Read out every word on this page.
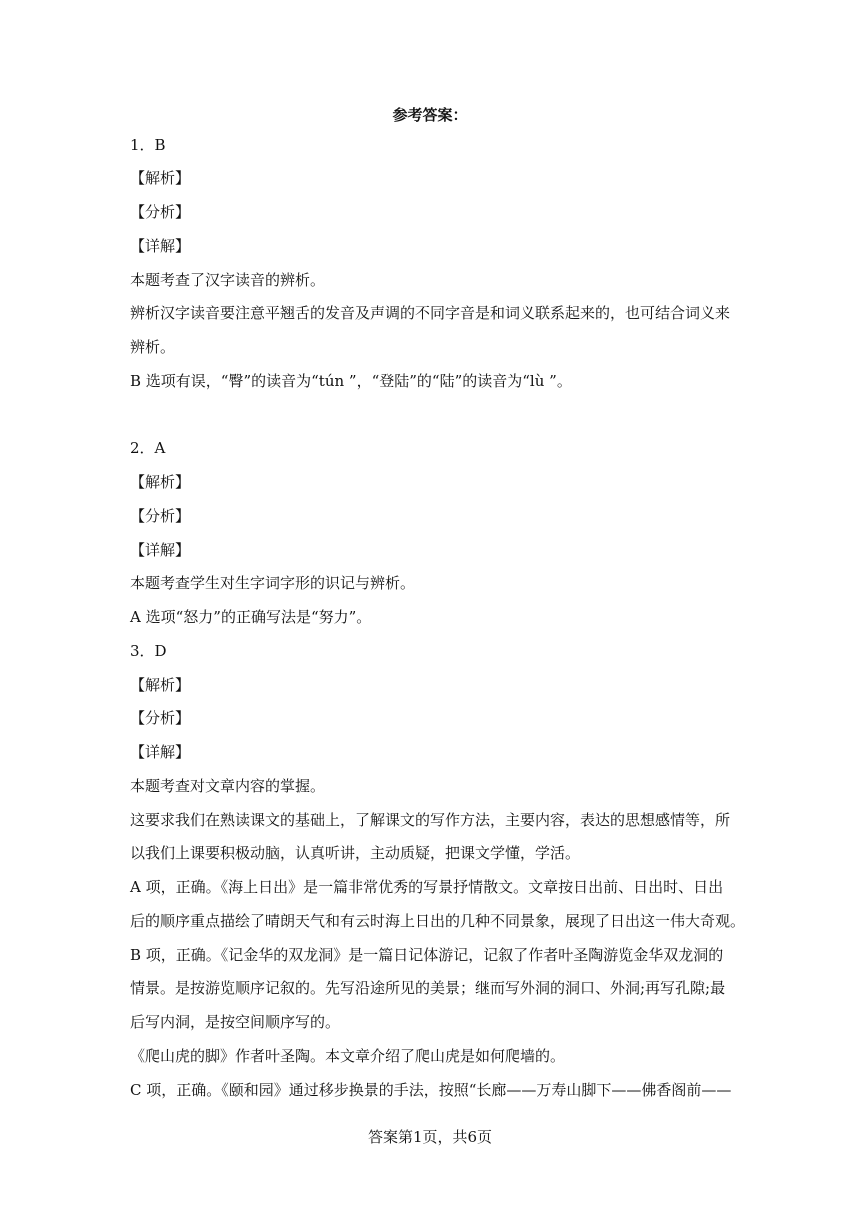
参考答案：
1．B
【解析】
【分析】
【详解】
本题考查了汉字读音的辨析。
辨析汉字读音要注意平翘舌的发音及声调的不同字音是和词义联系起来的，也可结合词义来
辨析。
B 选项有误，“臀”的读音为“tún ”，“登陆”的“陆”的读音为“lù ”。
2．A
【解析】
【分析】
【详解】
本题考查学生对生字词字形的识记与辨析。
A 选项“怒力”的正确写法是“努力”。
3．D
【解析】
【分析】
【详解】
本题考查对文章内容的掌握。
这要求我们在熟读课文的基础上，了解课文的写作方法，主要内容，表达的思想感情等，所
以我们上课要积极动脑，认真听讲，主动质疑，把课文学懂，学活。
A 项，正确。《海上日出》是一篇非常优秀的写景抒情散文。文章按日出前、日出时、日出
后的顺序重点描绘了晴朗天气和有云时海上日出的几种不同景象，展现了日出这一伟大奇观。
B 项，正确。《记金华的双龙洞》是一篇日记体游记，记叙了作者叶圣陶游览金华双龙洞的
情景。是按游览顺序记叙的。先写沿途所见的美景；继而写外洞的洞口、外洞;再写孔隙;最
后写内洞，是按空间顺序写的。
《爬山虎的脚》作者叶圣陶。本文章介绍了爬山虎是如何爬墙的。
C 项，正确。《颐和园》通过移步换景的手法，按照“长廊——万寿山脚下——佛香阁前——
答案第1页，共6页
